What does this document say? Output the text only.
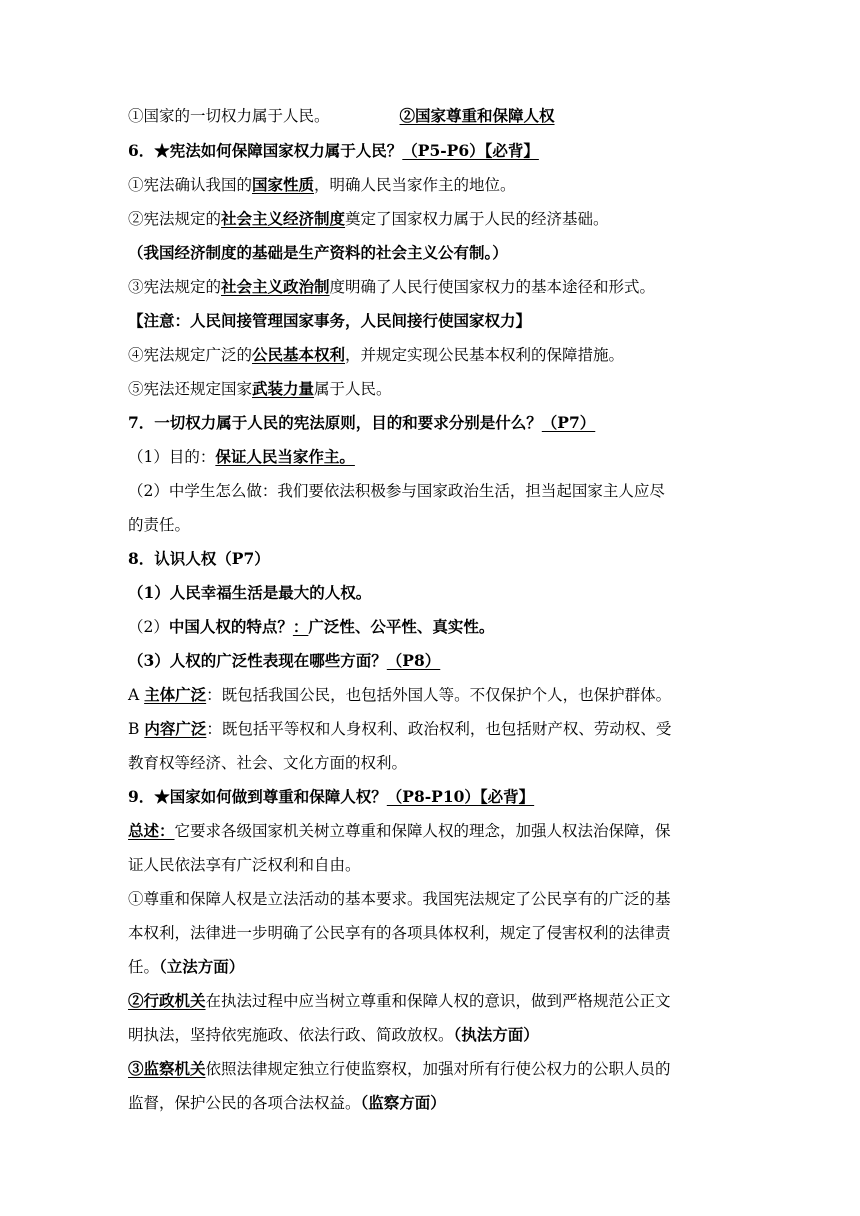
①国家的一切权力属于人民。	②国家尊重和保障人权
6．★宪法如何保障国家权力属于人民？（P5-P6）【必背】
①宪法确认我国的国家性质，明确人民当家作主的地位。
②宪法规定的社会主义经济制度奠定了国家权力属于人民的经济基础。
（我国经济制度的基础是生产资料的社会主义公有制。）
③宪法规定的社会主义政治制度明确了人民行使国家权力的基本途径和形式。
【注意：人民间接管理国家事务，人民间接行使国家权力】
④宪法规定广泛的公民基本权利，并规定实现公民基本权利的保障措施。
⑤宪法还规定国家武装力量属于人民。
7．一切权力属于人民的宪法原则，目的和要求分别是什么？（P7）
（1）目的：保证人民当家作主。
（2）中学生怎么做：我们要依法积极参与国家政治生活，担当起国家主人应尽
的责任。
8．认识人权（P7）
（1）人民幸福生活是最大的人权。
（2）中国人权的特点？：广泛性、公平性、真实性。
（3）人权的广泛性表现在哪些方面？（P8）
A 主体广泛：既包括我国公民，也包括外国人等。不仅保护个人，也保护群体。
B 内容广泛：既包括平等权和人身权利、政治权利，也包括财产权、劳动权、受
教育权等经济、社会、文化方面的权利。
9．★国家如何做到尊重和保障人权？（P8-P10）【必背】
总述：它要求各级国家机关树立尊重和保障人权的理念，加强人权法治保障，保
证人民依法享有广泛权利和自由。
①尊重和保障人权是立法活动的基本要求。我国宪法规定了公民享有的广泛的基
本权利，法律进一步明确了公民享有的各项具体权利，规定了侵害权利的法律责
任。（立法方面）
②行政机关在执法过程中应当树立尊重和保障人权的意识，做到严格规范公正文
明执法，坚持依宪施政、依法行政、简政放权。（执法方面）
③监察机关依照法律规定独立行使监察权，加强对所有行使公权力的公职人员的
监督，保护公民的各项合法权益。（监察方面）
